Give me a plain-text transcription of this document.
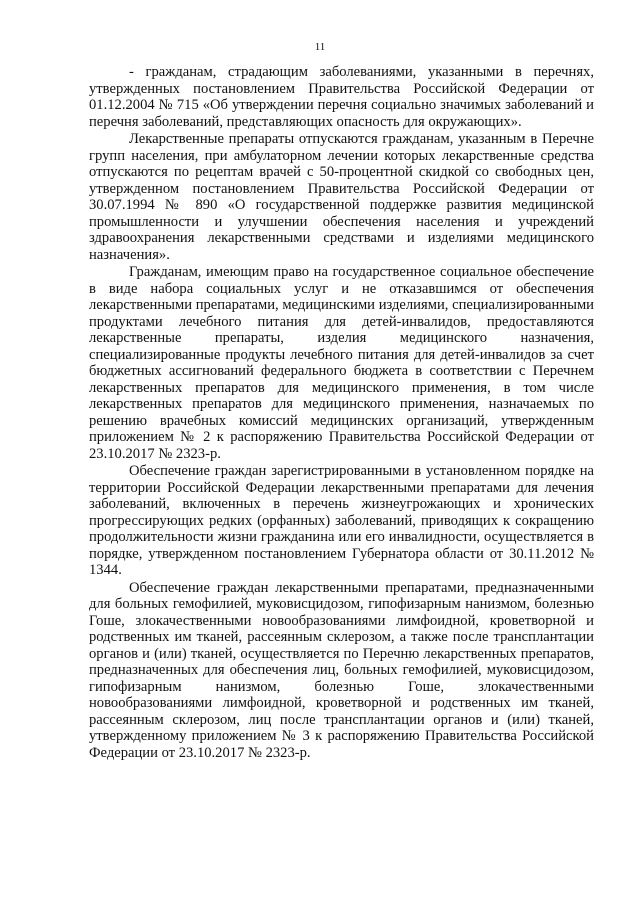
11

- гражданам, страдающим заболеваниями, указанными в перечнях, утвержденных постановлением Правительства Российской Федерации от 01.12.2004 № 715 «Об утверждении перечня социально значимых заболеваний и перечня заболеваний, представляющих опасность для окружающих».

Лекарственные препараты отпускаются гражданам, указанным в Перечне групп населения, при амбулаторном лечении которых лекарственные средства отпускаются по рецептам врачей с 50-процентной скидкой со свободных цен, утвержденном постановлением Правительства Российской Федерации от 30.07.1994 № 890 «О государственной поддержке развития медицинской промышленности и улучшении обеспечения населения и учреждений здравоохранения лекарственными средствами и изделиями медицинского назначения».

Гражданам, имеющим право на государственное социальное обеспечение в виде набора социальных услуг и не отказавшимся от обеспечения лекарственными препаратами, медицинскими изделиями, специализированными продуктами лечебного питания для детей-инвалидов, предоставляются лекарственные препараты, изделия медицинского назначения, специализированные продукты лечебного питания для детей-инвалидов за счет бюджетных ассигнований федерального бюджета в соответствии с Перечнем лекарственных препаратов для медицинского применения, в том числе лекарственных препаратов для медицинского применения, назначаемых по решению врачебных комиссий медицинских организаций, утвержденным приложением № 2 к распоряжению Правительства Российской Федерации от 23.10.2017 № 2323-р.

Обеспечение граждан зарегистрированными в установленном порядке на территории Российской Федерации лекарственными препаратами для лечения заболеваний, включенных в перечень жизнеугрожающих и хронических прогрессирующих редких (орфанных) заболеваний, приводящих к сокращению продолжительности жизни гражданина или его инвалидности, осуществляется в порядке, утвержденном постановлением Губернатора области от 30.11.2012 № 1344.

Обеспечение граждан лекарственными препаратами, предназначенными для больных гемофилией, муковисцидозом, гипофизарным нанизмом, болезнью Гоше, злокачественными новообразованиями лимфоидной, кроветворной и родственных им тканей, рассеянным склерозом, а также после трансплантации органов и (или) тканей, осуществляется по Перечню лекарственных препаратов, предназначенных для обеспечения лиц, больных гемофилией, муковисцидозом, гипофизарным нанизмом, болезнью Гоше, злокачественными новообразованиями лимфоидной, кроветворной и родственных им тканей, рассеянным склерозом, лиц после трансплантации органов и (или) тканей, утвержденному приложением № 3 к распоряжению Правительства Российской Федерации от 23.10.2017 № 2323-р.
